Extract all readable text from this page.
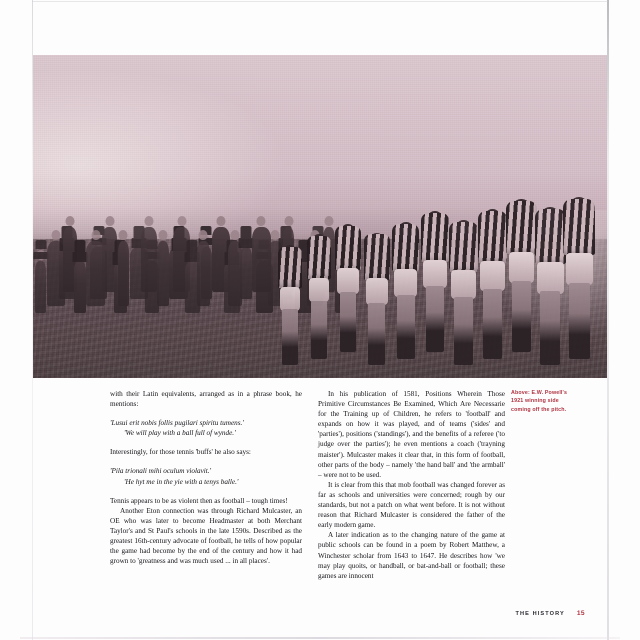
with their Latin equivalents, arranged as in a phrase book, he mentions:

'Lusui erit nobis follis pugilari spiritu tumens.'
'We will play with a ball full of wynde.'

Interestingly, for those tennis 'buffs' he also says:

'Pila trionali mihi oculum violavit.'
'He hyt me in the yie with a tenys balle.'

Tennis appears to be as violent then as football – tough times!

Another Eton connection was through Richard Mulcaster, an OE who was later to become Headmaster at both Merchant Taylor's and St Paul's schools in the late 1590s. Described as the greatest 16th-century advocate of football, he tells of how popular the game had become by the end of the century and how it had grown to 'greatness and was much used ... in all places'.

In his publication of 1581, Positions Wherein Those Primitive Circumstances Be Examined, Which Are Necessarie for the Training up of Children, he refers to 'football' and expands on how it was played, and of teams ('sides' and 'parties'), positions ('standings'), and the benefits of a referee ('to judge over the parties'); he even mentions a coach ('trayning maister'). Mulcaster makes it clear that, in this form of football, other parts of the body – namely 'the hand ball' and 'the armball' – were not to be used.

It is clear from this that mob football was changed forever as far as schools and universities were concerned; rough by our standards, but not a patch on what went before. It is not without reason that Richard Mulcaster is considered the father of the early modern game.

A later indication as to the changing nature of the game at public schools can be found in a poem by Robert Matthew, a Winchester scholar from 1643 to 1647. He describes how 'we may play quoits, or handball, or bat-and-ball or football; these games are innocent

Above: E.W. Powell's 1921 winning side coming off the pitch.
THE HISTORY 15
